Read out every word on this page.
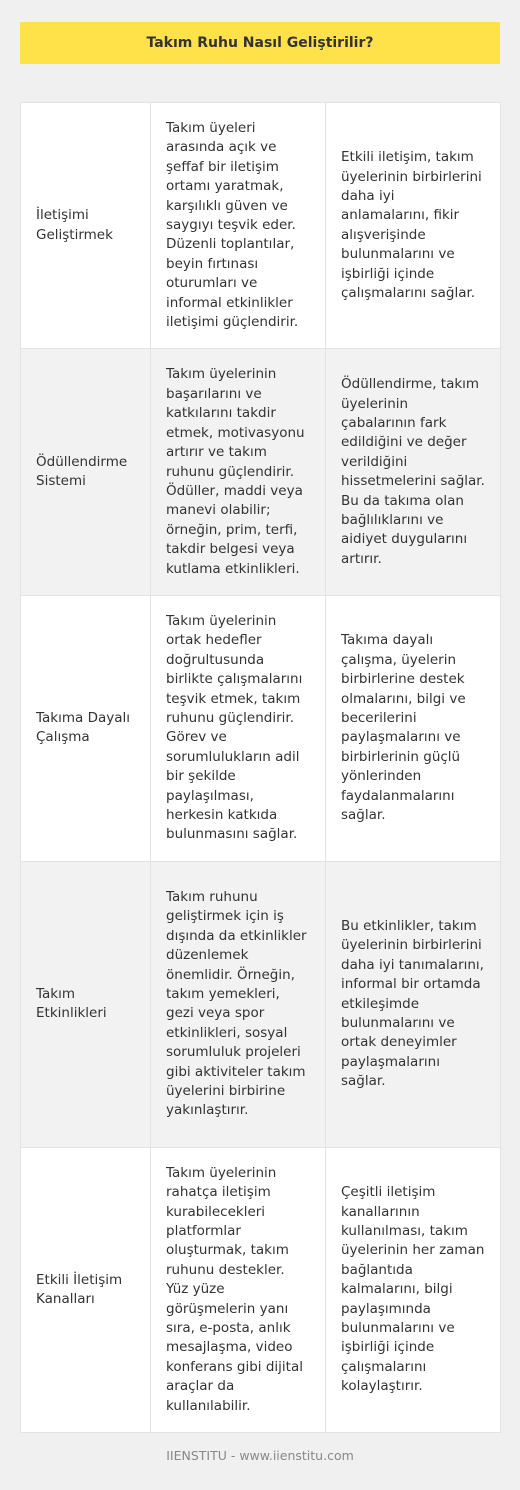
Takım Ruhu Nasıl Geliştirilir?
İletişimi Geliştirmek	Takım üyeleri arasında açık ve şeffaf bir iletişim ortamı yaratmak, karşılıklı güven ve saygıyı teşvik eder. Düzenli toplantılar, beyin fırtınası oturumları ve informal etkinlikler iletişimi güçlendirir.	Etkili iletişim, takım üyelerinin birbirlerini daha iyi anlamalarını, fikir alışverişinde bulunmalarını ve işbirliği içinde çalışmalarını sağlar.
Ödüllendirme Sistemi	Takım üyelerinin başarılarını ve katkılarını takdir etmek, motivasyonu artırır ve takım ruhunu güçlendirir. Ödüller, maddi veya manevi olabilir; örneğin, prim, terfi, takdir belgesi veya kutlama etkinlikleri.	Ödüllendirme, takım üyelerinin çabalarının fark edildiğini ve değer verildiğini hissetmelerini sağlar. Bu da takıma olan bağlılıklarını ve aidiyet duygularını artırır.
Takıma Dayalı Çalışma	Takım üyelerinin ortak hedefler doğrultusunda birlikte çalışmalarını teşvik etmek, takım ruhunu güçlendirir. Görev ve sorumlulukların adil bir şekilde paylaşılması, herkesin katkıda bulunmasını sağlar.	Takıma dayalı çalışma, üyelerin birbirlerine destek olmalarını, bilgi ve becerilerini paylaşmalarını ve birbirlerinin güçlü yönlerinden faydalanmalarını sağlar.
Takım Etkinlikleri	Takım ruhunu geliştirmek için iş dışında da etkinlikler düzenlemek önemlidir. Örneğin, takım yemekleri, gezi veya spor etkinlikleri, sosyal sorumluluk projeleri gibi aktiviteler takım üyelerini birbirine yakınlaştırır.	Bu etkinlikler, takım üyelerinin birbirlerini daha iyi tanımalarını, informal bir ortamda etkileşimde bulunmalarını ve ortak deneyimler paylaşmalarını sağlar.
Etkili İletişim Kanalları	Takım üyelerinin rahatça iletişim kurabilecekleri platformlar oluşturmak, takım ruhunu destekler. Yüz yüze görüşmelerin yanı sıra, e-posta, anlık mesajlaşma, video konferans gibi dijital araçlar da kullanılabilir.	Çeşitli iletişim kanallarının kullanılması, takım üyelerinin her zaman bağlantıda kalmalarını, bilgi paylaşımında bulunmalarını ve işbirliği içinde çalışmalarını kolaylaştırır.
IIENSTITU - www.iienstitu.com
